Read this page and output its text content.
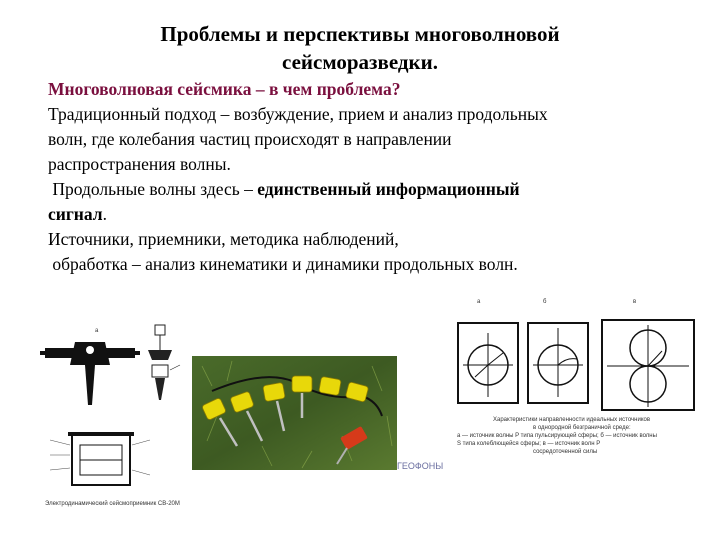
Проблемы и перспективы многоволновой
сейсморазведки.
Многоволновая сейсмика – в чем проблема?
Традиционный подход – возбуждение, прием и анализ продольных
волн, где колебания частиц происходят в направлении
распространения волны.
Продольные волны здесь – единственный информационный
сигнал.
Источники, приемники, методика наблюдений,
обработка – анализ кинематики и динамики продольных волн.
а
Электродинамический сейсмоприемник СВ-20М
ГЕОФОНЫ
а	б	в
Характеристики направленности идеальных источников
в однородной безграничной среде:
а — источник волны P типа пульсирующей сферы; б — источник волны
S типа колеблющейся сферы; в — источник волн P
сосредоточенной силы
